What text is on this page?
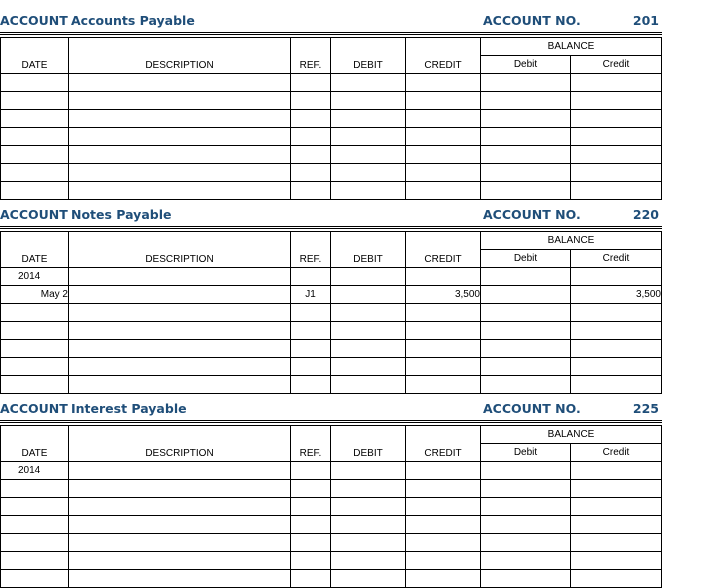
ACCOUNT Accounts Payable	ACCOUNT NO.	201
DATE	DESCRIPTION	REF.	DEBIT	CREDIT	BALANCE	
					Debit	Credit

ACCOUNT Notes Payable	ACCOUNT NO.	220
DATE	DESCRIPTION	REF.	DEBIT	CREDIT	BALANCE	
					Debit	Credit
2014						
May 2		J1		3,500		3,500

ACCOUNT Interest Payable	ACCOUNT NO.	225
DATE	DESCRIPTION	REF.	DEBIT	CREDIT	BALANCE	
					Debit	Credit
2014						
